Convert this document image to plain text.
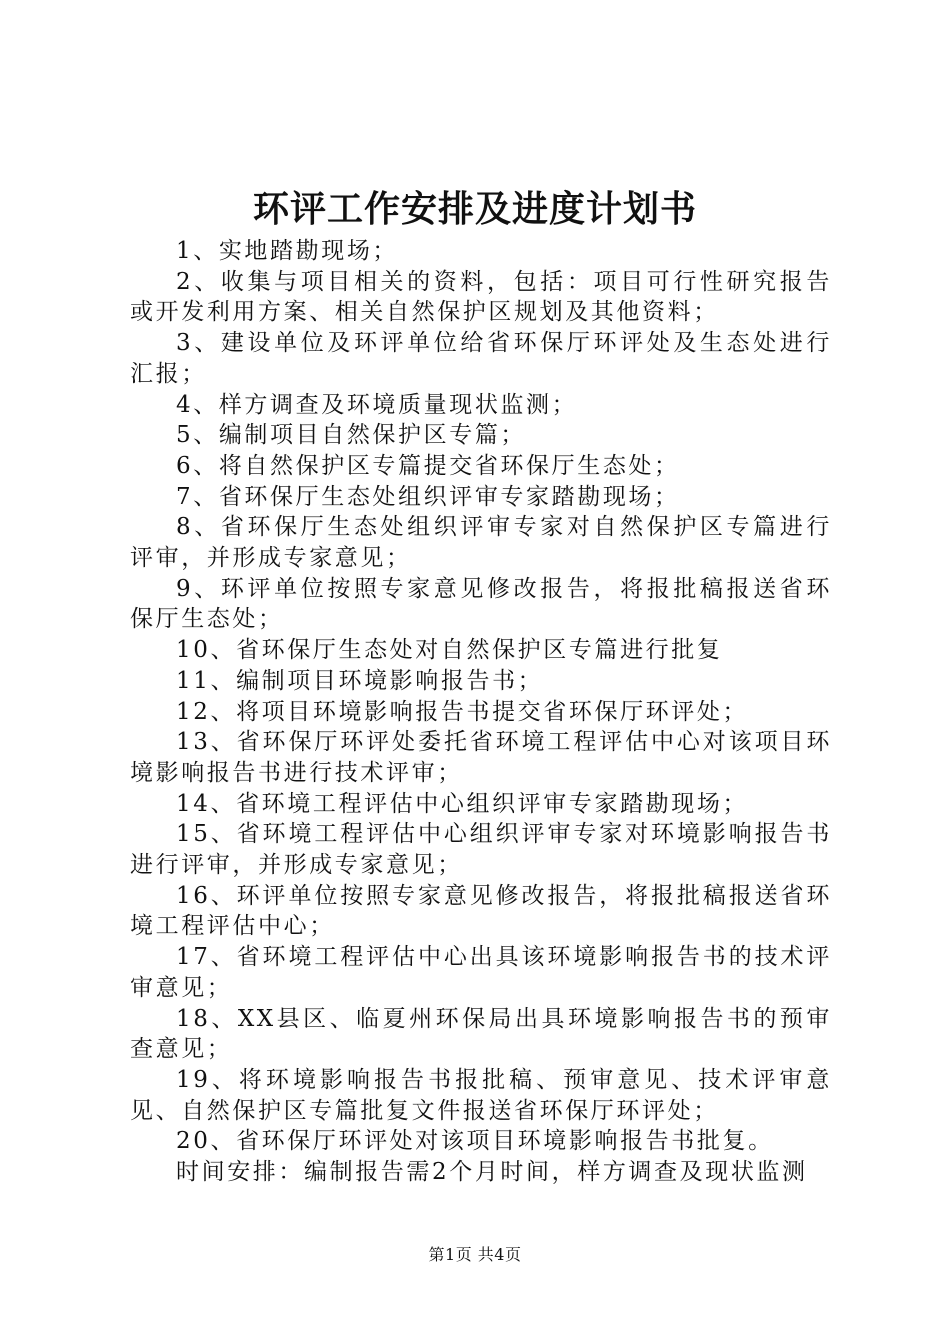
环评工作安排及进度计划书

1、实地踏勘现场；

2、收集与项目相关的资料，包括：项目可行性研究报告或开发利用方案、相关自然保护区规划及其他资料；

3、建设单位及环评单位给省环保厅环评处及生态处进行汇报；

4、样方调查及环境质量现状监测；

5、编制项目自然保护区专篇；

6、将自然保护区专篇提交省环保厅生态处；

7、省环保厅生态处组织评审专家踏勘现场；

8、省环保厅生态处组织评审专家对自然保护区专篇进行评审，并形成专家意见；

9、环评单位按照专家意见修改报告，将报批稿报送省环保厅生态处；

10、省环保厅生态处对自然保护区专篇进行批复

11、编制项目环境影响报告书；

12、将项目环境影响报告书提交省环保厅环评处；

13、省环保厅环评处委托省环境工程评估中心对该项目环境影响报告书进行技术评审；

14、省环境工程评估中心组织评审专家踏勘现场；

15、省环境工程评估中心组织评审专家对环境影响报告书进行评审，并形成专家意见；

16、环评单位按照专家意见修改报告，将报批稿报送省环境工程评估中心；

17、省环境工程评估中心出具该环境影响报告书的技术评审意见；

18、XX县区、临夏州环保局出具环境影响报告书的预审查意见；

19、将环境影响报告书报批稿、预审意见、技术评审意见、自然保护区专篇批复文件报送省环保厅环评处；

20、省环保厅环评处对该项目环境影响报告书批复。

时间安排：编制报告需2个月时间，样方调查及现状监测

第1页 共4页
